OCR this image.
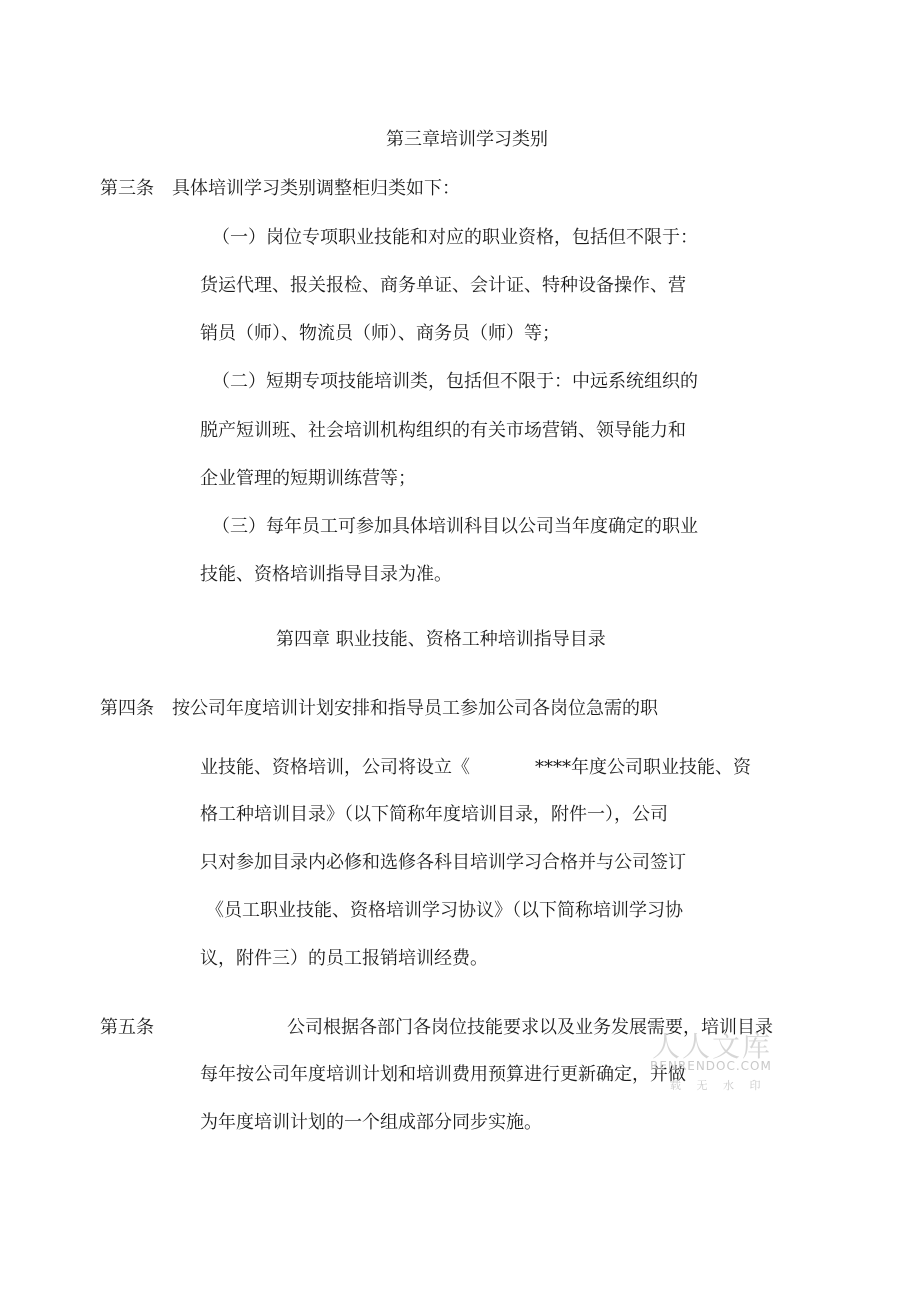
第三章培训学习类别
第三条 具体培训学习类别调整柜归类如下：
（一）岗位专项职业技能和对应的职业资格，包括但不限于：
货运代理、报关报检、商务单证、会计证、特种设备操作、营
销员（师）、物流员（师）、商务员（师）等；
（二）短期专项技能培训类，包括但不限于：中远系统组织的
脱产短训班、社会培训机构组织的有关市场营销、领导能力和
企业管理的短期训练营等；
（三）每年员工可参加具体培训科目以公司当年度确定的职业
技能、资格培训指导目录为准。
第四章 职业技能、资格工种培训指导目录
第四条 按公司年度培训计划安排和指导员工参加公司各岗位急需的职
业技能、资格培训，公司将设立《	****年度公司职业技能、资
格工种培训目录》（以下简称年度培训目录，附件一），公司
只对参加目录内必修和选修各科目培训学习合格并与公司签订
《员工职业技能、资格培训学习协议》（以下简称培训学习协
议，附件三）的员工报销培训经费。
第五条	公司根据各部门各岗位技能要求以及业务发展需要，培训目录
每年按公司年度培训计划和培训费用预算进行更新确定，并做
为年度培训计划的一个组成部分同步实施。
人人文库
RENRENDOC.COM
载 无 水 印
